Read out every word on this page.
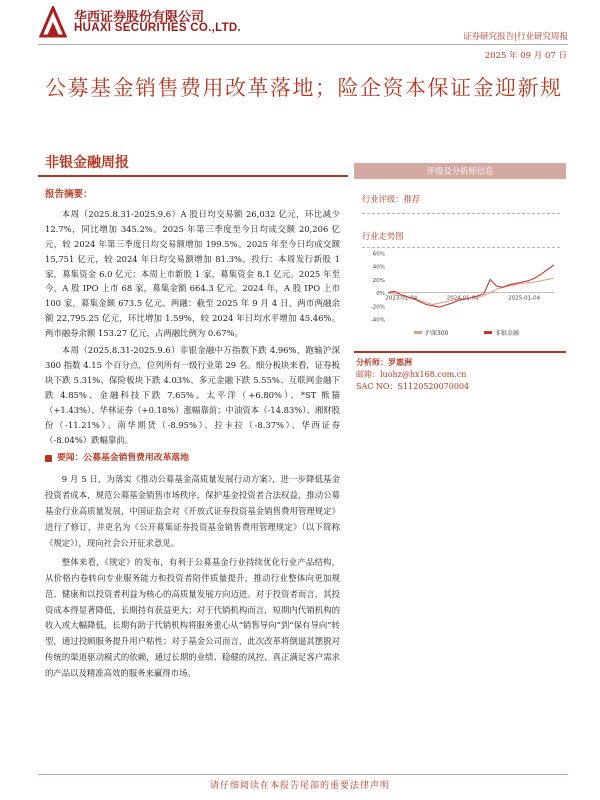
华西证券股份有限公司
HUAXI SECURITIES CO.,LTD.
证券研究报告|行业研究周报
2025 年 09 月 07 日
公募基金销售费用改革落地；险企资本保证金迎新规
非银金融周报
报告摘要：

本周（2025.8.31-2025.9.6）A 股日均交易额 26,032 亿元，环比减少 12.7%，同比增加 345.2%。2025 年第三季度至今日均成交额 20,206 亿元，较 2024 年第三季度日均交易额增加 199.5%。2025 年至今日均成交额 15,751 亿元，较 2024 年日均交易额增加 81.3%。投行：本周发行新股 1 家，募集资金 6.0 亿元；本周上市新股 1 家，募集资金 8.1 亿元。2025 年至今，A 股 IPO 上市 68 家，募集金额 664.3 亿元。2024 年，A 股 IPO 上市 100 家，募集金额 673.5 亿元。两融：截至 2025 年 9 月 4 日，两市两融余额 22,795.25 亿元，环比增加 1.59%，较 2024 年日均水平增加 45.46%。两市融券余额 153.27 亿元，占两融比例为 0.67%。

本周（2025.8.31-2025.9.6）非银金融中万指数下跌 4.96%，跑输沪深 300 指数 4.15 个百分点，位列所有一级行业第 29 名。细分板块来看，证券板块下跌 5.31%、保险板块下跌 4.03%、多元金融下跌 5.55%、互联网金融下跌 4.85%、金融科技下跌 7.65%。太平洋（+6.80%）、*ST 熊猫（+1.43%）、华林证券（+0.18%）涨幅靠前；中油资本（-14.83%）、湘财股份（-11.21%）、南华期货（-8.95%）、拉卡拉（-8.37%）、华西证券（-8.04%）跌幅靠前。

要闻：公募基金销售费用改革落地

9 月 5 日，为落实《推动公募基金高质量发展行动方案》，进一步降低基金投资者成本，规范公募基金销售市场秩序，保护基金投资者合法权益，推动公募基金行业高质量发展，中国证监会对《开放式证券投资基金销售费用管理规定》进行了修订，并更名为《公开募集证券投资基金销售费用管理规定》（以下简称《规定》），现向社会公开征求意见。

整体来看，《规定》的发布，有利于公募基金行业持续优化行业产品结构，从价格内卷转向专业服务能力和投资者陪伴质量提升，推动行业整体向更加规范、健康和以投资者利益为核心的高质量发展方向迈进。对于投资者而言，其投资成本得显著降低，长期持有获益更大；对于代销机构而言，短期内代销机构的收入或大幅降低，长期有助于代销机构将服务重心从“销售导向”到“保有导向”转型，通过投顾服务提升用户粘性；对于基金公司而言，此次改革将倒逼其摆脱对传统的渠道驱动模式的依赖，通过长期的业绩、稳健的风控、真正满足客户需求的产品以及精准高效的服务来赢得市场。

评级及分析师信息
行业评级：推荐
行业走势图
60%
40%
20%
0%
-20%
-40%
2023-01-04	2024-01-04	2025-01-04
沪深300	非银金融
分析师：罗惠洲
邮箱：luohz@hx168.com.cn
SAC NO：S1120520070004
请仔细阅读在本报告尾部的重要法律声明
